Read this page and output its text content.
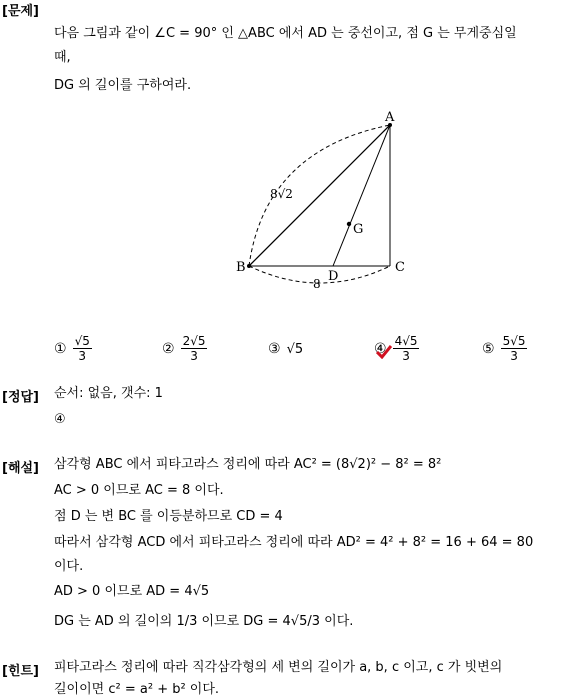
[문제]
다음 그림과 같이 ∠C = 90° 인 △ABC 에서 AD 는 중선이고, 점 G 는 무게중심일
때,
DG 의 길이를 구하여라.
A
B	C
D
G
8√2
8
① $\frac{√5}{3}$	② $\frac{2√5}{3}$	③ √5	④ $\frac{4√5}{3}$	⑤ $\frac{5√5}{3}$
[정답] 순서: 없음, 갯수: 1
④
[해설] 삼각형 ABC 에서 피타고라스 정리에 따라 AC² = (8√2)² − 8² = 8²
AC > 0 이므로 AC = 8 이다.
점 D 는 변 BC 를 이등분하므로 CD = 4
따라서 삼각형 ACD 에서 피타고라스 정리에 따라 AD² = 4² + 8² = 16 + 64 = 80
이다.
AD > 0 이므로 AD = 4√5
DG 는 AD 의 길이의 1/3 이므로 DG = 4√5/3 이다.
[힌트] 피타고라스 정리에 따라 직각삼각형의 세 변의 길이가 a, b, c 이고, c 가 빗변의
길이이면 c² = a² + b² 이다.
